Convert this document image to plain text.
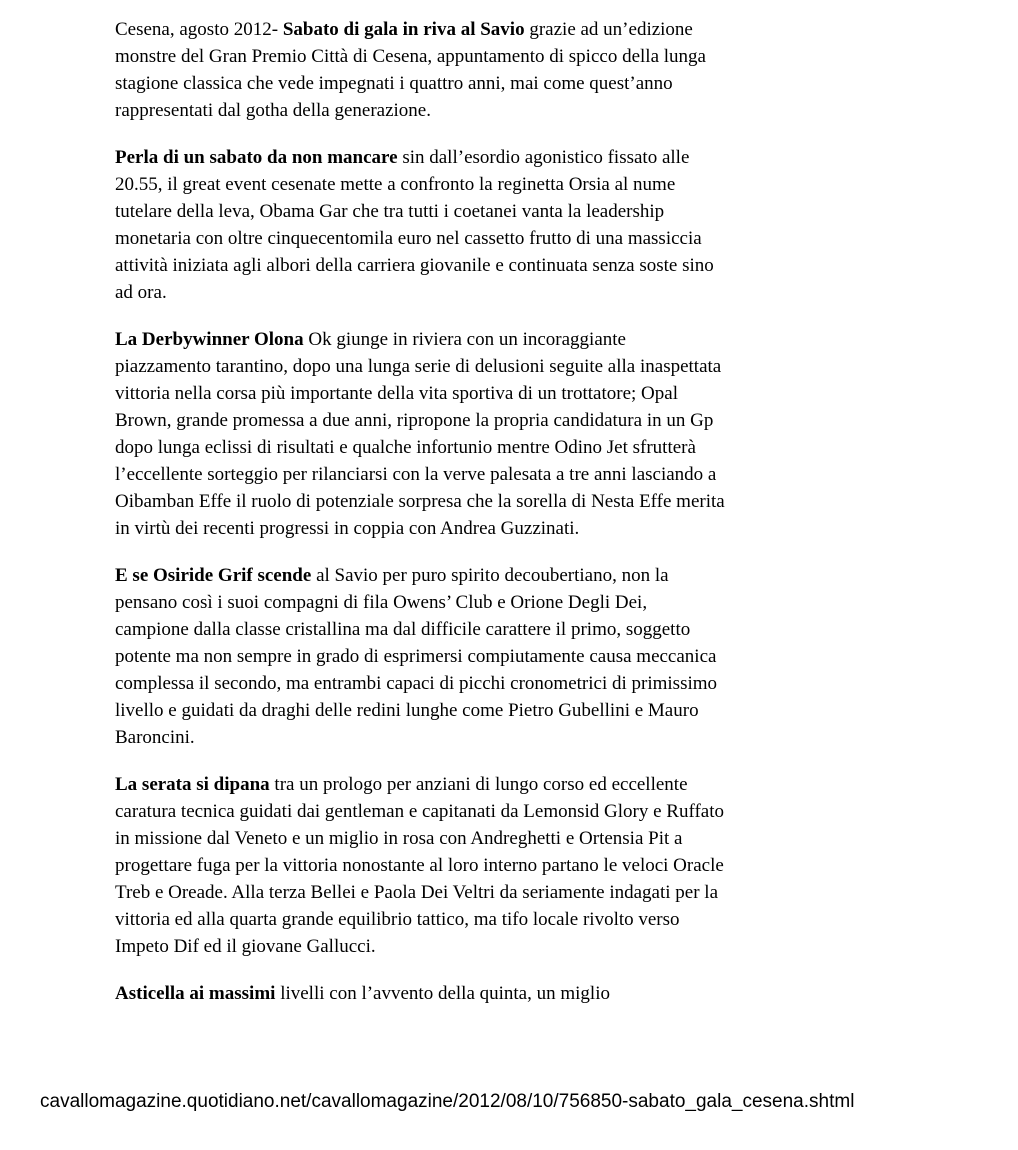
Cesena, agosto 2012- Sabato di gala in riva al Savio grazie ad un’edizione monstre del Gran Premio Città di Cesena, appuntamento di spicco della lunga stagione classica che vede impegnati i quattro anni, mai come quest’anno rappresentati dal gotha della generazione.

Perla di un sabato da non mancare sin dall’esordio agonistico fissato alle 20.55, il great event cesenate mette a confronto la reginetta Orsia al nume tutelare della leva, Obama Gar che tra tutti i coetanei vanta la leadership monetaria con oltre cinquecentomila euro nel cassetto frutto di una massiccia attività iniziata agli albori della carriera giovanile e continuata senza soste sino ad ora.

La Derbywinner Olona Ok giunge in riviera con un incoraggiante piazzamento tarantino, dopo una lunga serie di delusioni seguite alla inaspettata vittoria nella corsa più importante della vita sportiva di un trottatore; Opal Brown, grande promessa a due anni, ripropone la propria candidatura in un Gp dopo lunga eclissi di risultati e qualche infortunio mentre Odino Jet sfrutterà l’eccellente sorteggio per rilanciarsi con la verve palesata a tre anni lasciando a Oibamban Effe il ruolo di potenziale sorpresa che la sorella di Nesta Effe merita in virtù dei recenti progressi in coppia con Andrea Guzzinati.

E se Osiride Grif scende al Savio per puro spirito decoubertiano, non la pensano così i suoi compagni di fila Owens’ Club e Orione Degli Dei, campione dalla classe cristallina ma dal difficile carattere il primo, soggetto potente ma non sempre in grado di esprimersi compiutamente causa meccanica complessa il secondo, ma entrambi capaci di picchi cronometrici di primissimo livello e guidati da draghi delle redini lunghe come Pietro Gubellini e Mauro Baroncini.

La serata si dipana tra un prologo per anziani di lungo corso ed eccellente caratura tecnica guidati dai gentleman e capitanati da Lemonsid Glory e Ruffato in missione dal Veneto e un miglio in rosa con Andreghetti e Ortensia Pit a progettare fuga per la vittoria nonostante al loro interno partano le veloci Oracle Treb e Oreade. Alla terza Bellei e Paola Dei Veltri da seriamente indagati per la vittoria ed alla quarta grande equilibrio tattico, ma tifo locale rivolto verso Impeto Dif ed il giovane Gallucci.

Asticella ai massimi livelli con l’avvento della quinta, un miglio

cavallomagazine.quotidiano.net/cavallomagazine/2012/08/10/756850-sabato_gala_cesena.shtml
